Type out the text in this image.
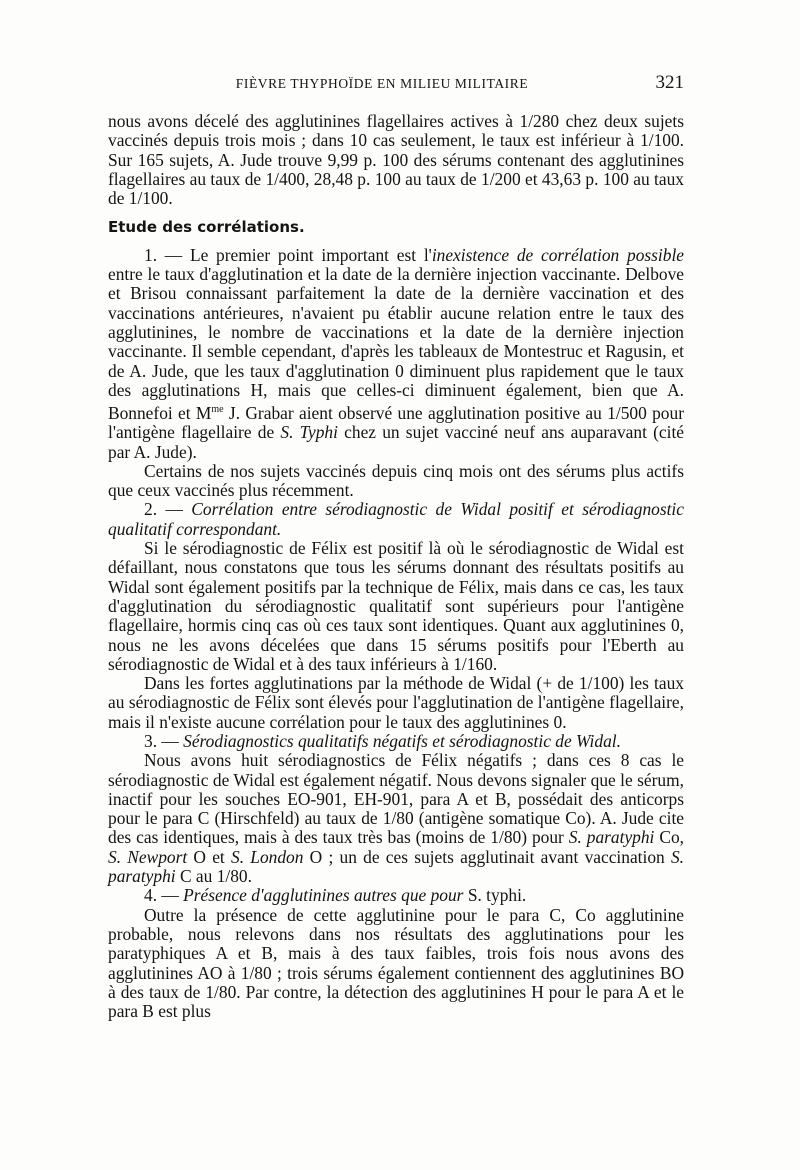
FIÈVRE THYPHOÏDE EN MILIEU MILITAIRE	321

nous avons décelé des agglutinines flagellaires actives à 1/280 chez deux sujets vaccinés depuis trois mois ; dans 10 cas seulement, le taux est inférieur à 1/100. Sur 165 sujets, A. Jude trouve 9,99 p. 100 des sérums contenant des agglutinines flagellaires au taux de 1/400, 28,48 p. 100 au taux de 1/200 et 43,63 p. 100 au taux de 1/100.

Etude des corrélations.

1. — Le premier point important est l'inexistence de corrélation possible entre le taux d'agglutination et la date de la dernière injection vaccinante. Delbove et Brisou connaissant parfaitement la date de la dernière vaccination et des vaccinations antérieures, n'avaient pu établir aucune relation entre le taux des agglutinines, le nombre de vaccinations et la date de la dernière injection vaccinante. Il semble cependant, d'après les tableaux de Montestruc et Ragusin, et de A. Jude, que les taux d'agglutination 0 diminuent plus rapidement que le taux des agglutinations H, mais que celles-ci diminuent également, bien que A. Bonnefoi et $M^{me}$ J. Grabar aient observé une agglutination positive au 1/500 pour l'antigène flagellaire de S. Typhi chez un sujet vacciné neuf ans auparavant (cité par A. Jude).

Certains de nos sujets vaccinés depuis cinq mois ont des sérums plus actifs que ceux vaccinés plus récemment.

2. — Corrélation entre sérodiagnostic de Widal positif et sérodiagnostic qualitatif correspondant.

Si le sérodiagnostic de Félix est positif là où le sérodiagnostic de Widal est défaillant, nous constatons que tous les sérums donnant des résultats positifs au Widal sont également positifs par la technique de Félix, mais dans ce cas, les taux d'agglutination du sérodiagnostic qualitatif sont supérieurs pour l'antigène flagellaire, hormis cinq cas où ces taux sont identiques. Quant aux agglutinines 0, nous ne les avons décelées que dans 15 sérums positifs pour l'Eberth au sérodiagnostic de Widal et à des taux inférieurs à 1/160.

Dans les fortes agglutinations par la méthode de Widal (+ de 1/100) les taux au sérodiagnostic de Félix sont élevés pour l'agglutination de l'antigène flagellaire, mais il n'existe aucune corrélation pour le taux des agglutinines 0.

3. — Sérodiagnostics qualitatifs négatifs et sérodiagnostic de Widal.

Nous avons huit sérodiagnostics de Félix négatifs ; dans ces 8 cas le sérodiagnostic de Widal est également négatif. Nous devons signaler que le sérum, inactif pour les souches EO-901, EH-901, para A et B, possédait des anticorps pour le para C (Hirschfeld) au taux de 1/80 (antigène somatique Co). A. Jude cite des cas identiques, mais à des taux très bas (moins de 1/80) pour S. paratyphi Co, S. Newport O et S. London O ; un de ces sujets agglutinait avant vaccination S. paratyphi C au 1/80.

4. — Présence d'agglutinines autres que pour S. typhi.

Outre la présence de cette agglutinine pour le para C, Co agglutinine probable, nous relevons dans nos résultats des agglutinations pour les paratyphiques A et B, mais à des taux faibles, trois fois nous avons des agglutinines AO à 1/80 ; trois sérums également contiennent des agglutinines BO à des taux de 1/80. Par contre, la détection des agglutinines H pour le para A et le para B est plus
